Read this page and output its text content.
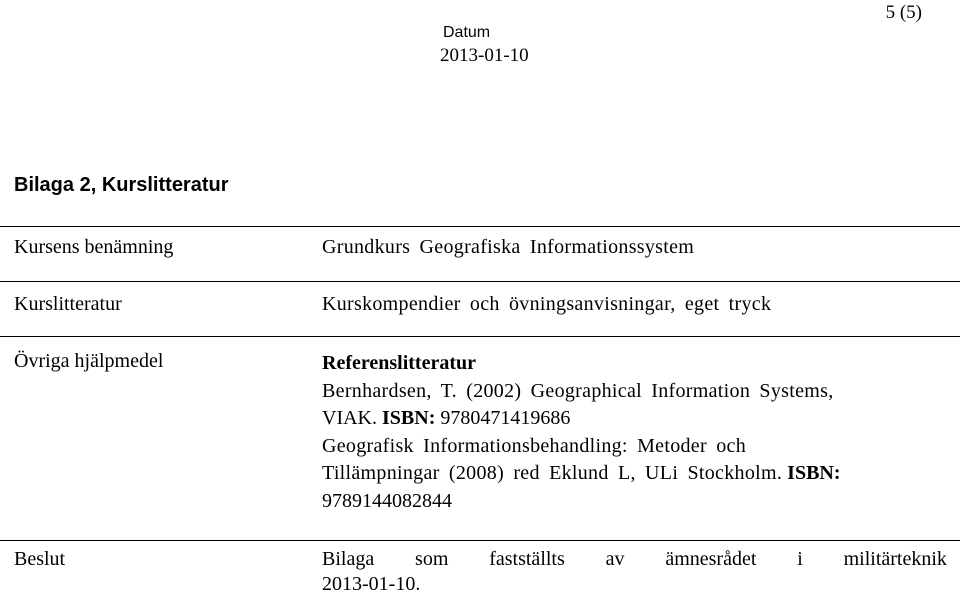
5 (5)
Datum
2013-01-10
Bilaga 2, Kurslitteratur
Kursens benämning	Grundkurs Geografiska Informationssystem
Kurslitteratur	Kurskompendier och övningsanvisningar, eget tryck
Övriga hjälpmedel	Referenslitteratur
Bernhardsen, T. (2002) Geographical Information Systems,
VIAK. ISBN: 9780471419686
Geografisk Informationsbehandling: Metoder och
Tillämpningar (2008) red Eklund L, ULi Stockholm. ISBN:
9789144082844
Beslut	Bilaga som fastställts av ämnesrådet i militärteknik
2013-01-10.
